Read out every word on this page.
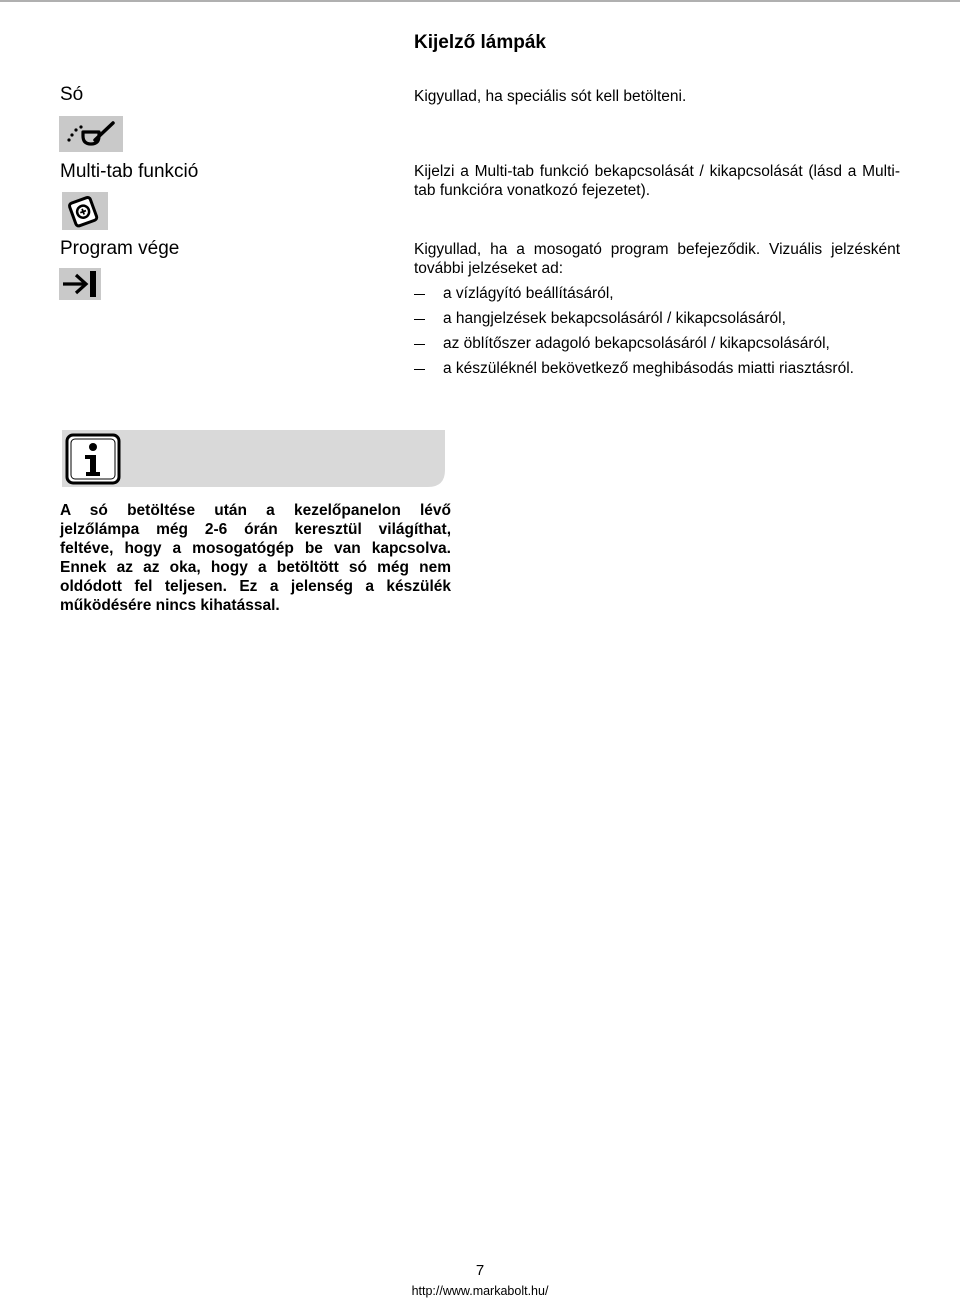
Kijelző lámpák
Só	Kigyullad, ha speciális sót kell betölteni.
Multi-tab funkció	Kijelzi a Multi-tab funkció bekapcsolását / kikapcsolását (lásd a Multi-tab funkcióra vonatkozó fejezetet).
Program vége	Kigyullad, ha a mosogató program befejeződik. Vizuális jelzésként további jelzéseket ad:
a vízlágyító beállításáról,
a hangjelzések bekapcsolásáról / kikapcsolásáról,
az öblítőszer adagoló bekapcsolásáról / kikapcsolásáról,
a készüléknél bekövetkező meghibásodás miatti riasztásról.
A só betöltése után a kezelőpanelon lévő
jelzőlámpa még 2-6 órán keresztül világíthat,
feltéve, hogy a mosogatógép be van kapcsolva.
Ennek az az oka, hogy a betöltött só még nem
oldódott fel teljesen. Ez a jelenség a készülék
működésére nincs kihatással.
7
http://www.markabolt.hu/
